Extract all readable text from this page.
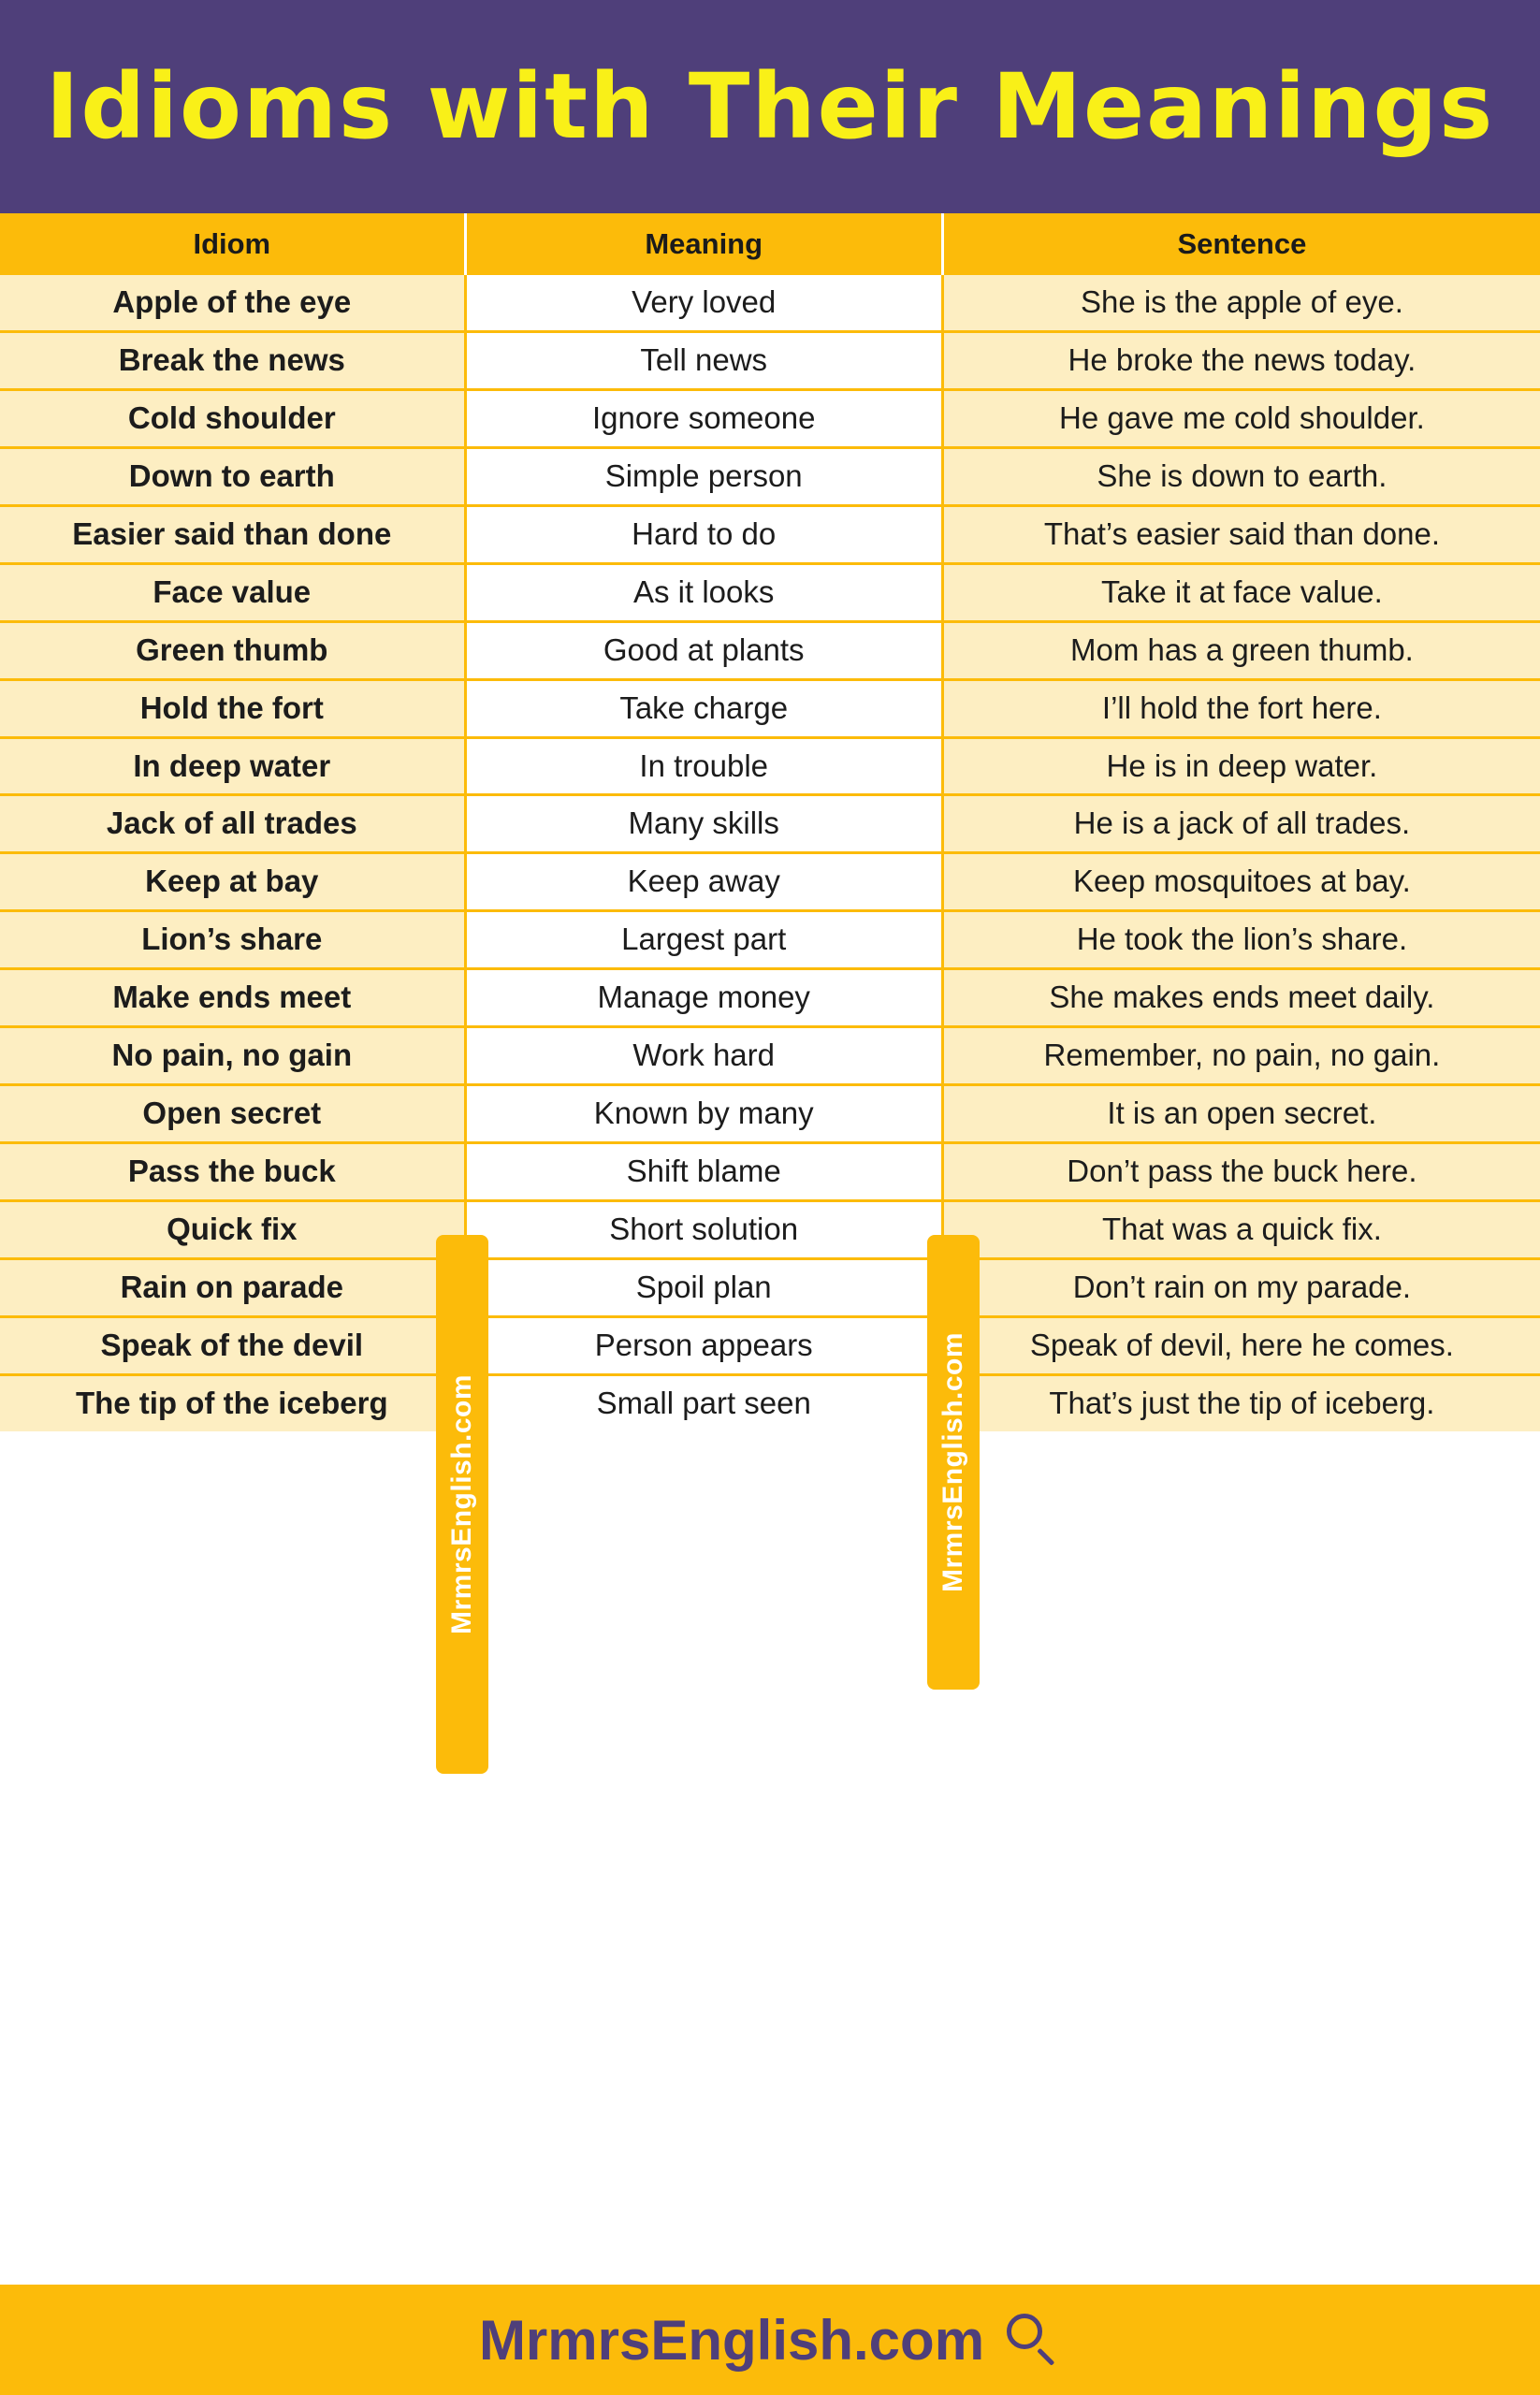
Idioms with Their Meanings
Idiom	Meaning	Sentence
Apple of the eye	Very loved	She is the apple of eye.
Break the news	Tell news	He broke the news today.
Cold shoulder	Ignore someone	He gave me cold shoulder.
Down to earth	Simple person	She is down to earth.
Easier said than done	Hard to do	That’s easier said than done.
Face value	As it looks	Take it at face value.
Green thumb	Good at plants	Mom has a green thumb.
Hold the fort	Take charge	I’ll hold the fort here.
In deep water	In trouble	He is in deep water.
Jack of all trades	Many skills	He is a jack of all trades.
Keep at bay	Keep away	Keep mosquitoes at bay.
Lion’s share	Largest part	He took the lion’s share.
Make ends meet	Manage money	She makes ends meet daily.
No pain, no gain	Work hard	Remember, no pain, no gain.
Open secret	Known by many	It is an open secret.
Pass the buck	Shift blame	Don’t pass the buck here.
Quick fix	Short solution	That was a quick fix.
Rain on parade	Spoil plan	Don’t rain on my parade.
Speak of the devil	Person appears	Speak of devil, here he comes.
The tip of the iceberg	Small part seen	That’s just the tip of iceberg.
MrmrsEnglish.com	MrmrsEnglish.com
MrmrsEnglish.com
